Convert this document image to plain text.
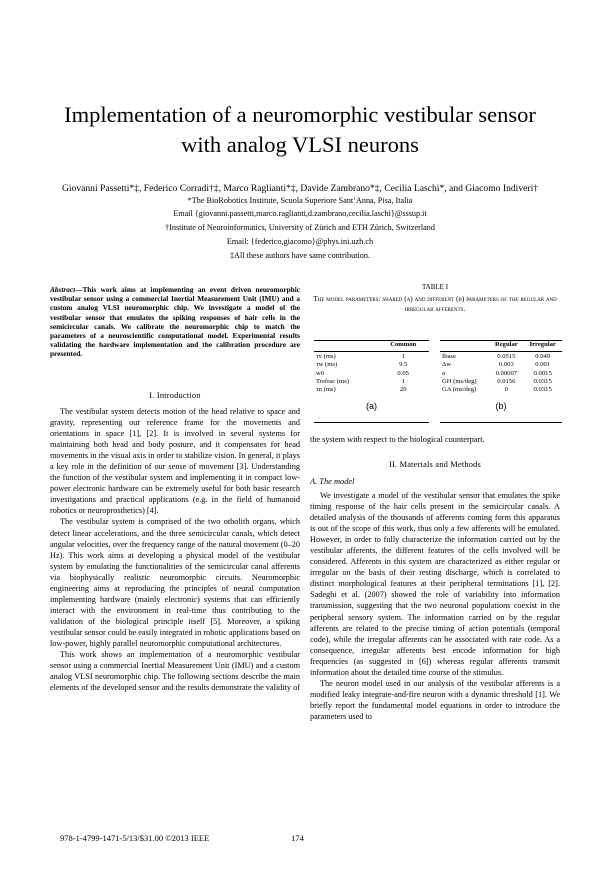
Implementation of a neuromorphic vestibular sensor
with analog VLSI neurons
Giovanni Passetti*‡, Federico Corradi†‡, Marco Raglianti*‡, Davide Zambrano*‡, Cecilia Laschi*, and Giacomo Indiveri†
*The BioRobotics Institute, Scuola Superiore Sant’Anna, Pisa, Italia
Email {giovanni.passetti,marco.raglianti,d.zambrano,cecilia.laschi}@sssup.it
†Institute of Neuroinformatics, University of Zürich and ETH Zürich, Switzerland
Email: {federico,giacomo}@phys.ini.uzh.ch
‡All these authors have same contribution.
Abstract—This work aims at implementing an event driven neuromorphic vestibular sensor using a commercial Inertial Measurement Unit (IMU) and a custom analog VLSI neuromorphic chip. We investigate a model of the vestibular sensor that emulates the spiking responses of hair cells in the semicircular canals. We calibrate the neuromorphic chip to match the parameters of a neuroscientific computational model. Experimental results validating the hardware implementation and the calibration procedure are presented.
I. Introduction

The vestibular system detects motion of the head relative to space and gravity, representing our reference frame for the movements and orientations in space [1], [2]. It is involved in several systems for maintaining both head and body posture, and it compensates for head movements in the visual axis in order to stabilize vision. In general, it plays a key role in the definition of our sense of movement [3]. Understanding the function of the vestibular system and implementing it in compact low-power electronic hardware can be extremely useful for both basic research investigations and practical applications (e.g. in the field of humanoid robotics or neuroprosthetics) [4].

The vestibular system is comprised of the two otholith organs, which detect linear accelerations, and the three semicircular canals, which detect angular velocities, over the frequency range of the natural movement (0–20 Hz). This work aims at developing a physical model of the vestibular system by emulating the functionalities of the semicircular canal afferents via biophysically realistic neuromorphic circuits. Neuromorphic engineering aims at reproducing the principles of neural computation implementing hardware (mainly electronic) systems that can efficiently interact with the environment in real-time thus contributing to the validation of the biological principle itself [5]. Moreover, a spiking vestibular sensor could be easily integrated in robotic applications based on low-power, highly parallel neuromorphic computational architectures.

This work shows an implementation of a neuromorphic vestibular sensor using a commercial Inertial Measurement Unit (IMU) and a custom analog VLSI neuromorphic chip. The following sections describe the main elements of the developed sensor and the results demonstrate the validity of

TABLE I
The model parameters: shared (a) and different (b) parameters of the regular and irregular afferents.
	Common
τv (ms)	1
τw (ms)	9.5
w0	0.05
Trefrac (ms)	1
τn (ms)	20
(a)
	Regular	Irregular
Ibase	0.0515	0.049
Δw	0.003	0.001
σ	0.00007	0.0015
GH (ms/deg)	0.0156	0.0315
GA (ms/deg)	0	0.0315
(b)
the system with respect to the biological counterpart.
II. Materials and Methods
A. The model

We investigate a model of the vestibular sensor that emulates the spike timing response of the hair cells present in the semicircular canals. A detailed analysis of the thousands of afferents coming form this apparatus is out of the scope of this work, thus only a few afferents will be emulated. However, in order to fully characterize the information carried out by the vestibular afferents, the different features of the cells involved will be considered. Afferents in this system are characterized as either regular or irregular on the basis of their resting discharge, which is correlated to distinct morphological features at their peripheral terminations [1], [2]. Sadeghi et al. (2007) showed the role of variability into information transmission, suggesting that the two neuronal populations coexist in the peripheral sensory system. The information carried on by the regular afferents are related to the precise timing of action potentials (temporal code), while the irregular afferents can be associated with rate code. As a consequence, irregular afferents best encode information for high frequencies (as suggested in [6]) whereas regular afferents transmit information about the detailed time course of the stimulus.

The neuron model used in our analysis of the vestibular afferents is a modified leaky integrate-and-fire neuron with a dynamic threshold [1]. We briefly report the fundamental model equations in order to introduce the parameters used to

978-1-4799-1471-5/13/$31.00 ©2013 IEEE	174
